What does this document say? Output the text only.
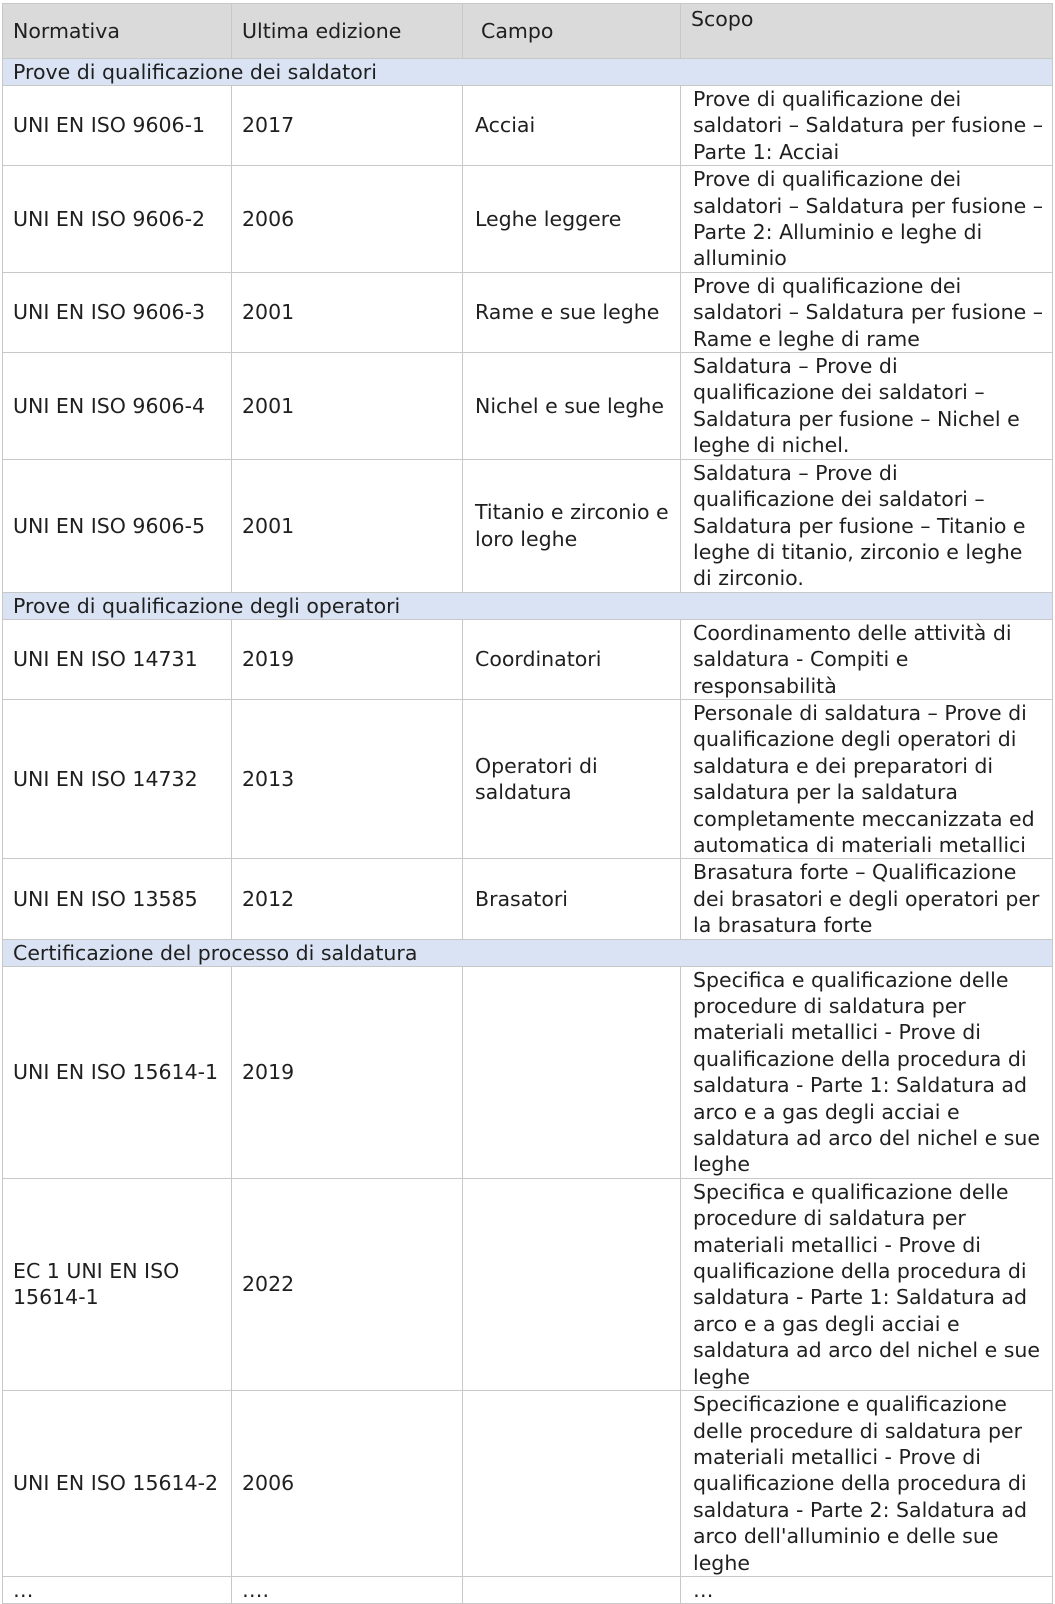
Normativa	Ultima edizione	Campo	Scopo
Prove di qualificazione dei saldatori			
UNI EN ISO 9606-1	2017	Acciai	Prove di qualificazione dei saldatori – Saldatura per fusione – Parte 1: Acciai
UNI EN ISO 9606-2	2006	Leghe leggere	Prove di qualificazione dei saldatori – Saldatura per fusione – Parte 2: Alluminio e leghe di alluminio
UNI EN ISO 9606-3	2001	Rame e sue leghe	Prove di qualificazione dei saldatori – Saldatura per fusione – Rame e leghe di rame
UNI EN ISO 9606-4	2001	Nichel e sue leghe	Saldatura – Prove di qualificazione dei saldatori – Saldatura per fusione – Nichel e leghe di nichel.
UNI EN ISO 9606-5	2001	Titanio e zirconio e loro leghe	Saldatura – Prove di qualificazione dei saldatori – Saldatura per fusione – Titanio e leghe di titanio, zirconio e leghe di zirconio.
Prove di qualificazione degli operatori			
UNI EN ISO 14731	2019	Coordinatori	Coordinamento delle attività di saldatura - Compiti e responsabilità
UNI EN ISO 14732	2013	Operatori di saldatura	Personale di saldatura – Prove di qualificazione degli operatori di saldatura e dei preparatori di saldatura per la saldatura completamente meccanizzata ed automatica di materiali metallici
UNI EN ISO 13585	2012	Brasatori	Brasatura forte – Qualificazione dei brasatori e degli operatori per la brasatura forte
Certificazione del processo di saldatura			
UNI EN ISO 15614-1	2019		Specifica e qualificazione delle procedure di saldatura per materiali metallici - Prove di qualificazione della procedura di saldatura - Parte 1: Saldatura ad arco e a gas degli acciai e saldatura ad arco del nichel e sue leghe
EC 1 UNI EN ISO 15614-1	2022		Specifica e qualificazione delle procedure di saldatura per materiali metallici - Prove di qualificazione della procedura di saldatura - Parte 1: Saldatura ad arco e a gas degli acciai e saldatura ad arco del nichel e sue leghe
UNI EN ISO 15614-2	2006		Specificazione e qualificazione delle procedure di saldatura per materiali metallici - Prove di qualificazione della procedura di saldatura - Parte 2: Saldatura ad arco dell'alluminio e delle sue leghe
…	….		…
